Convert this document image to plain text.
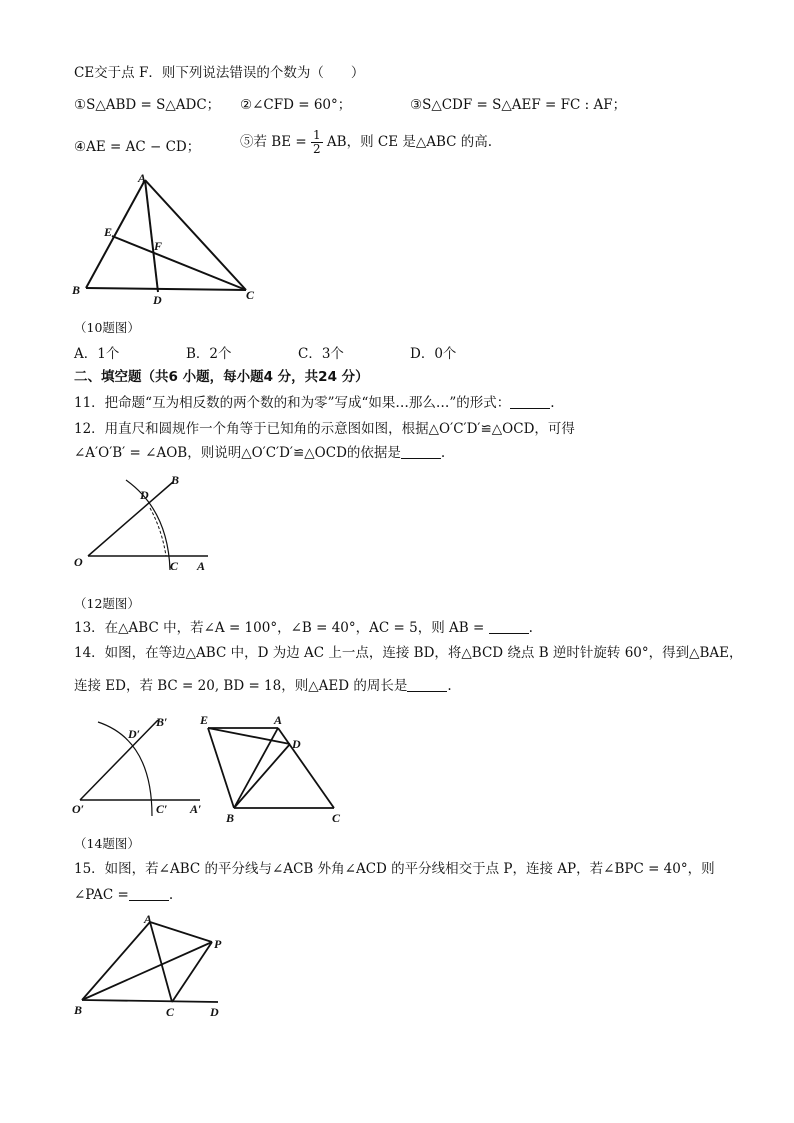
CE交于点 F．则下列说法错误的个数为（　　）
①S△ABD = S△ADC； ②∠CFD = 60°；	③S△CDF = S△AEF = FC : AF；
④AE = AC − CD；	⑤若 BE = $\frac{1}{2}$ AB，则 CE 是△ABC 的高.
A
B	C
D
E
F
（10题图）
A．1个	B．2个	C．3个	D．0个
二、填空题（共6 小题，每小题4 分，共24 分）
11．把命题“互为相反数的两个数的和为零”写成“如果…那么…”的形式：	.
12．用直尺和圆规作一个角等于已知角的示意图如图，根据△O′C′D′≌△OCD，可得
∠A′O′B′ = ∠AOB，则说明△O′C′D′≌△OCD的依据是	.
O	C A
D
B
（12题图）
13．在△ABC 中，若∠A = 100°，∠B = 40°，AC = 5，则 AB =	.
14．如图，在等边△ABC 中，D 为边 AC 上一点，连接 BD，将△BCD 绕点 B 逆时针旋转 60°，得到△BAE，
连接 ED，若 BC = 20, BD = 18，则△AED 的周长是	.
O′	C′ A′
D′
B′	E	A
D
B	C
（14题图）
15．如图，若∠ABC 的平分线与∠ACB 外角∠ACD 的平分线相交于点 P，连接 AP，若∠BPC = 40°，则
∠PAC =	.
A
P
B	C	D
